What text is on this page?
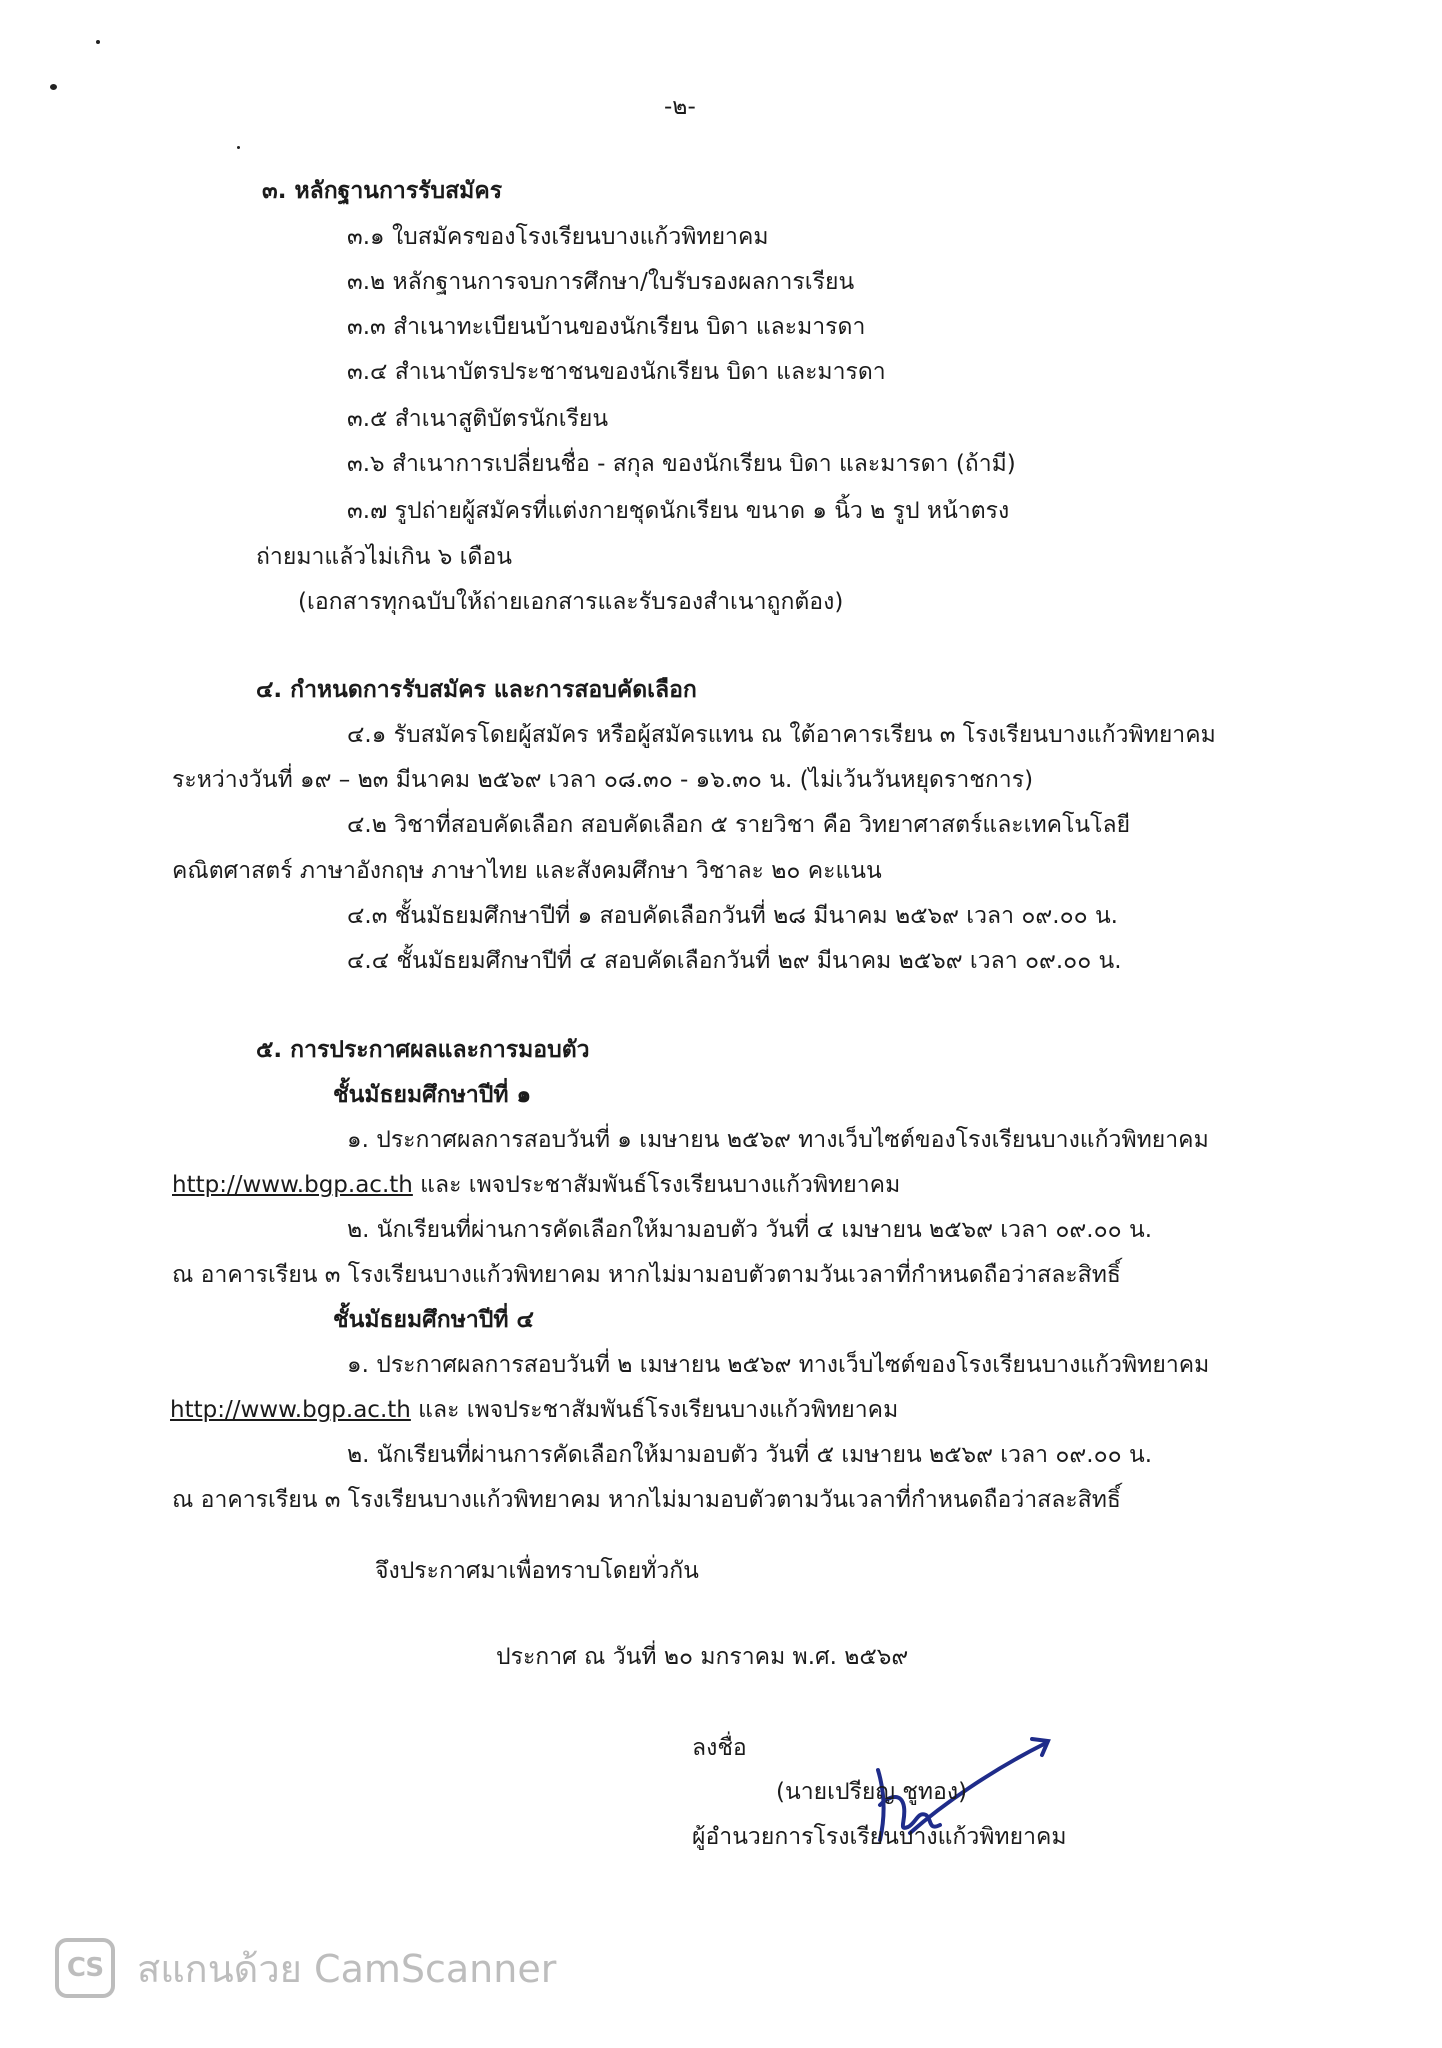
-๒-
๓. หลักฐานการรับสมัคร
๓.๑ ใบสมัครของโรงเรียนบางแก้วพิทยาคม
๓.๒ หลักฐานการจบการศึกษา/ใบรับรองผลการเรียน
๓.๓ สำเนาทะเบียนบ้านของนักเรียน บิดา และมารดา
๓.๔ สำเนาบัตรประชาชนของนักเรียน บิดา และมารดา
๓.๕ สำเนาสูติบัตรนักเรียน
๓.๖ สำเนาการเปลี่ยนชื่อ - สกุล ของนักเรียน บิดา และมารดา (ถ้ามี)
๓.๗ รูปถ่ายผู้สมัครที่แต่งกายชุดนักเรียน ขนาด ๑ นิ้ว ๒ รูป หน้าตรง
ถ่ายมาแล้วไม่เกิน ๖ เดือน
(เอกสารทุกฉบับให้ถ่ายเอกสารและรับรองสำเนาถูกต้อง)
๔. กำหนดการรับสมัคร และการสอบคัดเลือก
๔.๑ รับสมัครโดยผู้สมัคร หรือผู้สมัครแทน ณ ใต้อาคารเรียน ๓ โรงเรียนบางแก้วพิทยาคม
ระหว่างวันที่ ๑๙ – ๒๓ มีนาคม ๒๕๖๙ เวลา ๐๘.๓๐ - ๑๖.๓๐ น. (ไม่เว้นวันหยุดราชการ)
๔.๒ วิชาที่สอบคัดเลือก สอบคัดเลือก ๕ รายวิชา คือ วิทยาศาสตร์และเทคโนโลยี
คณิตศาสตร์ ภาษาอังกฤษ ภาษาไทย และสังคมศึกษา วิชาละ ๒๐ คะแนน
๔.๓ ชั้นมัธยมศึกษาปีที่ ๑ สอบคัดเลือกวันที่ ๒๘ มีนาคม ๒๕๖๙ เวลา ๐๙.๐๐ น.
๔.๔ ชั้นมัธยมศึกษาปีที่ ๔ สอบคัดเลือกวันที่ ๒๙ มีนาคม ๒๕๖๙ เวลา ๐๙.๐๐ น.
๕. การประกาศผลและการมอบตัว
ชั้นมัธยมศึกษาปีที่ ๑
๑. ประกาศผลการสอบวันที่ ๑ เมษายน ๒๕๖๙ ทางเว็บไซต์ของโรงเรียนบางแก้วพิทยาคม
http://www.bgp.ac.th และ เพจประชาสัมพันธ์โรงเรียนบางแก้วพิทยาคม
๒. นักเรียนที่ผ่านการคัดเลือกให้มามอบตัว วันที่ ๔ เมษายน ๒๕๖๙ เวลา ๐๙.๐๐ น.
ณ อาคารเรียน ๓ โรงเรียนบางแก้วพิทยาคม หากไม่มามอบตัวตามวันเวลาที่กำหนดถือว่าสละสิทธิ์
ชั้นมัธยมศึกษาปีที่ ๔
๑. ประกาศผลการสอบวันที่ ๒ เมษายน ๒๕๖๙ ทางเว็บไซต์ของโรงเรียนบางแก้วพิทยาคม
http://www.bgp.ac.th และ เพจประชาสัมพันธ์โรงเรียนบางแก้วพิทยาคม
๒. นักเรียนที่ผ่านการคัดเลือกให้มามอบตัว วันที่ ๕ เมษายน ๒๕๖๙ เวลา ๐๙.๐๐ น.
ณ อาคารเรียน ๓ โรงเรียนบางแก้วพิทยาคม หากไม่มามอบตัวตามวันเวลาที่กำหนดถือว่าสละสิทธิ์
จึงประกาศมาเพื่อทราบโดยทั่วกัน
ประกาศ ณ วันที่ ๒๐ มกราคม พ.ศ. ๒๕๖๙
ลงชื่อ
(นายเปรียญ ชูทอง)
ผู้อำนวยการโรงเรียนบางแก้วพิทยาคม
CS สแกนด้วย CamScanner
